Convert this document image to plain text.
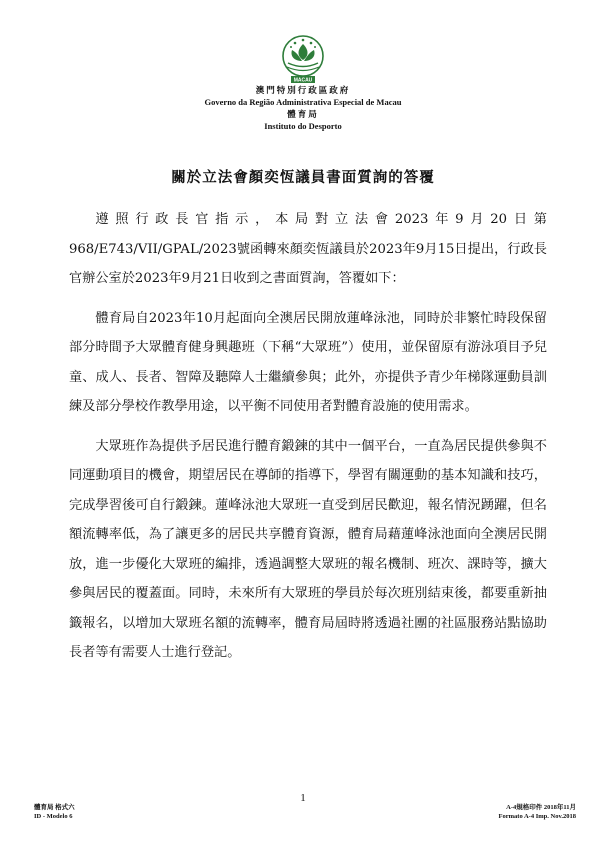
MACAU
澳門特別行政區政府
Governo da Região Administrativa Especial de Macau
體育局
Instituto do Desporto
關於立法會顏奕恆議員書面質詢的答覆

遵照行政長官指示，本局對立法會2023年9月20日第968/E743/VII/GPAL/2023號函轉來顏奕恆議員於2023年9月15日提出，行政長官辦公室於2023年9月21日收到之書面質詢，答覆如下：

體育局自2023年10月起面向全澳居民開放蓮峰泳池，同時於非繁忙時段保留部分時間予大眾體育健身興趣班（下稱“大眾班”）使用，並保留原有游泳項目予兒童、成人、長者、智障及聽障人士繼續參與；此外，亦提供予青少年梯隊運動員訓練及部分學校作教學用途，以平衡不同使用者對體育設施的使用需求。

大眾班作為提供予居民進行體育鍛鍊的其中一個平台，一直為居民提供參與不同運動項目的機會，期望居民在導師的指導下，學習有關運動的基本知識和技巧，完成學習後可自行鍛鍊。蓮峰泳池大眾班一直受到居民歡迎，報名情況踴躍，但名額流轉率低，為了讓更多的居民共享體育資源，體育局藉蓮峰泳池面向全澳居民開放，進一步優化大眾班的編排，透過調整大眾班的報名機制、班次、課時等，擴大參與居民的覆蓋面。同時，未來所有大眾班的學員於每次班別結束後，都要重新抽籤報名，以增加大眾班名額的流轉率，體育局屆時將透過社團的社區服務站點協助長者等有需要人士進行登記。

1
體育局 格式六
ID - Modelo 6
A-4規格印件 2018年11月
Formato A-4 Imp. Nov.2018
